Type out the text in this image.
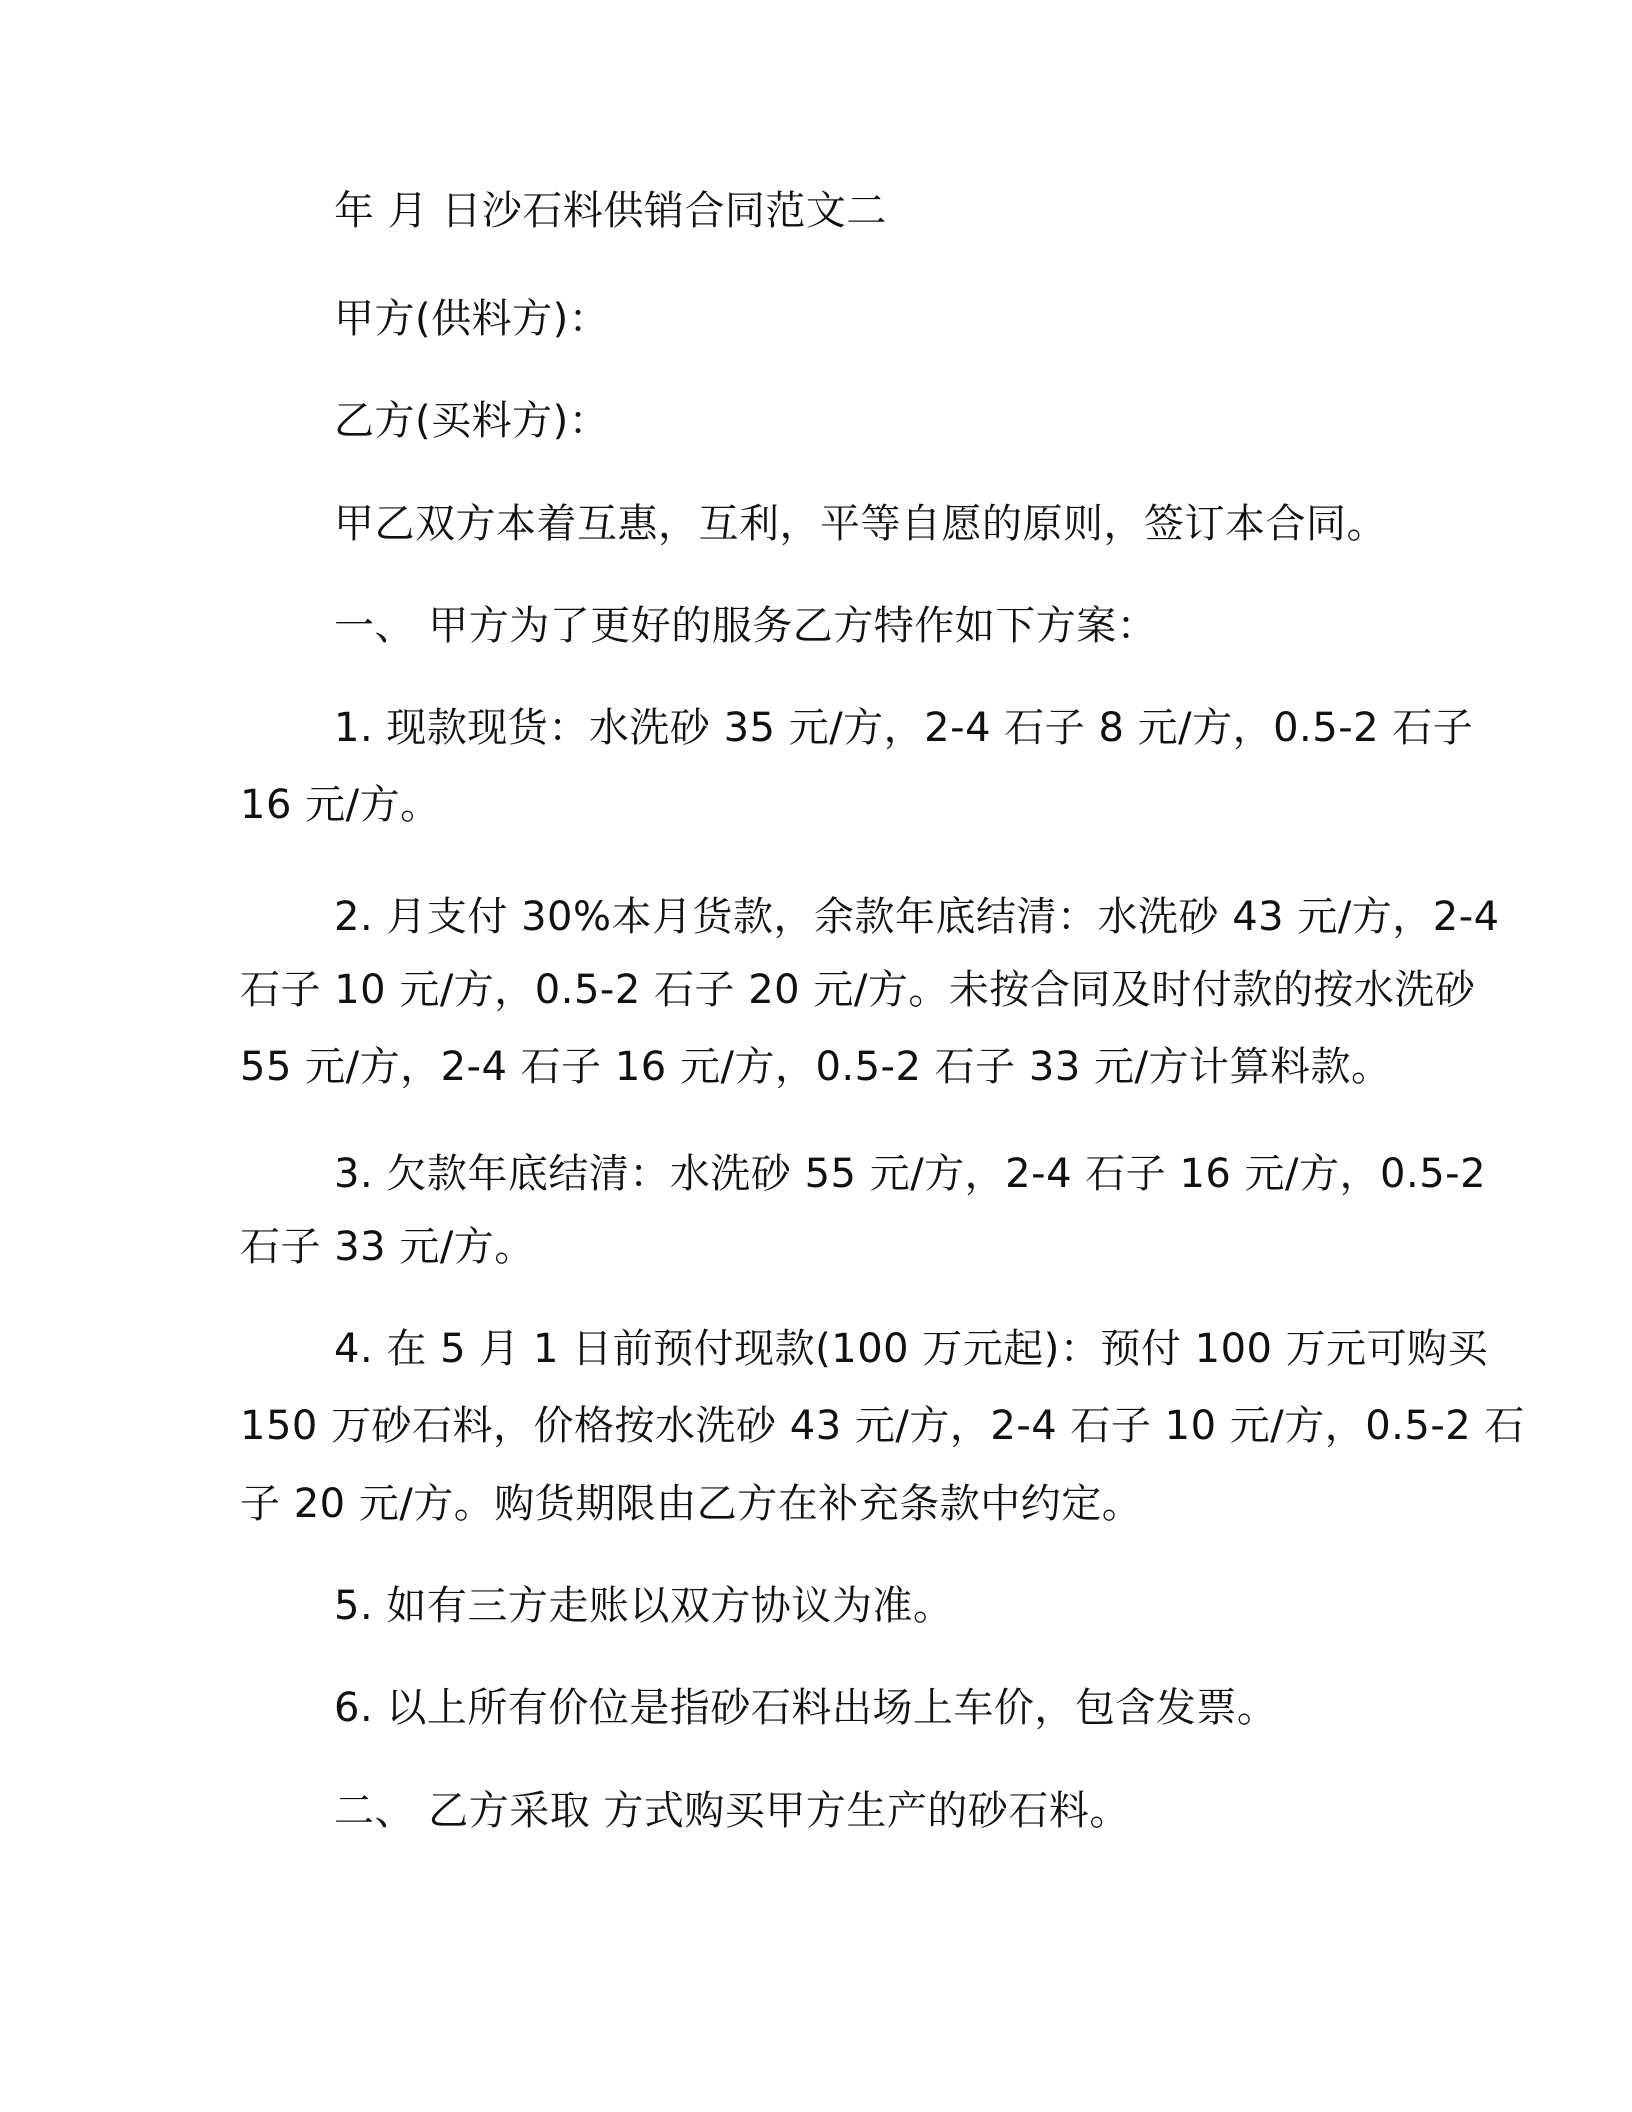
年 月 日沙石料供销合同范文二

甲方(供料方)：

乙方(买料方)：

甲乙双方本着互惠，互利，平等自愿的原则，签订本合同。

一、 甲方为了更好的服务乙方特作如下方案：

1. 现款现货：水洗砂 35 元/方，2-4 石子 8 元/方，0.5-2 石子

16 元/方。

2. 月支付 30%本月货款，余款年底结清：水洗砂 43 元/方，2-4

石子 10 元/方，0.5-2 石子 20 元/方。未按合同及时付款的按水洗砂

55 元/方，2-4 石子 16 元/方，0.5-2 石子 33 元/方计算料款。

3. 欠款年底结清：水洗砂 55 元/方，2-4 石子 16 元/方，0.5-2

石子 33 元/方。

4. 在 5 月 1 日前预付现款(100 万元起)：预付 100 万元可购买

150 万砂石料，价格按水洗砂 43 元/方，2-4 石子 10 元/方，0.5-2 石

子 20 元/方。购货期限由乙方在补充条款中约定。

5. 如有三方走账以双方协议为准。

6. 以上所有价位是指砂石料出场上车价，包含发票。

二、 乙方采取 方式购买甲方生产的砂石料。
